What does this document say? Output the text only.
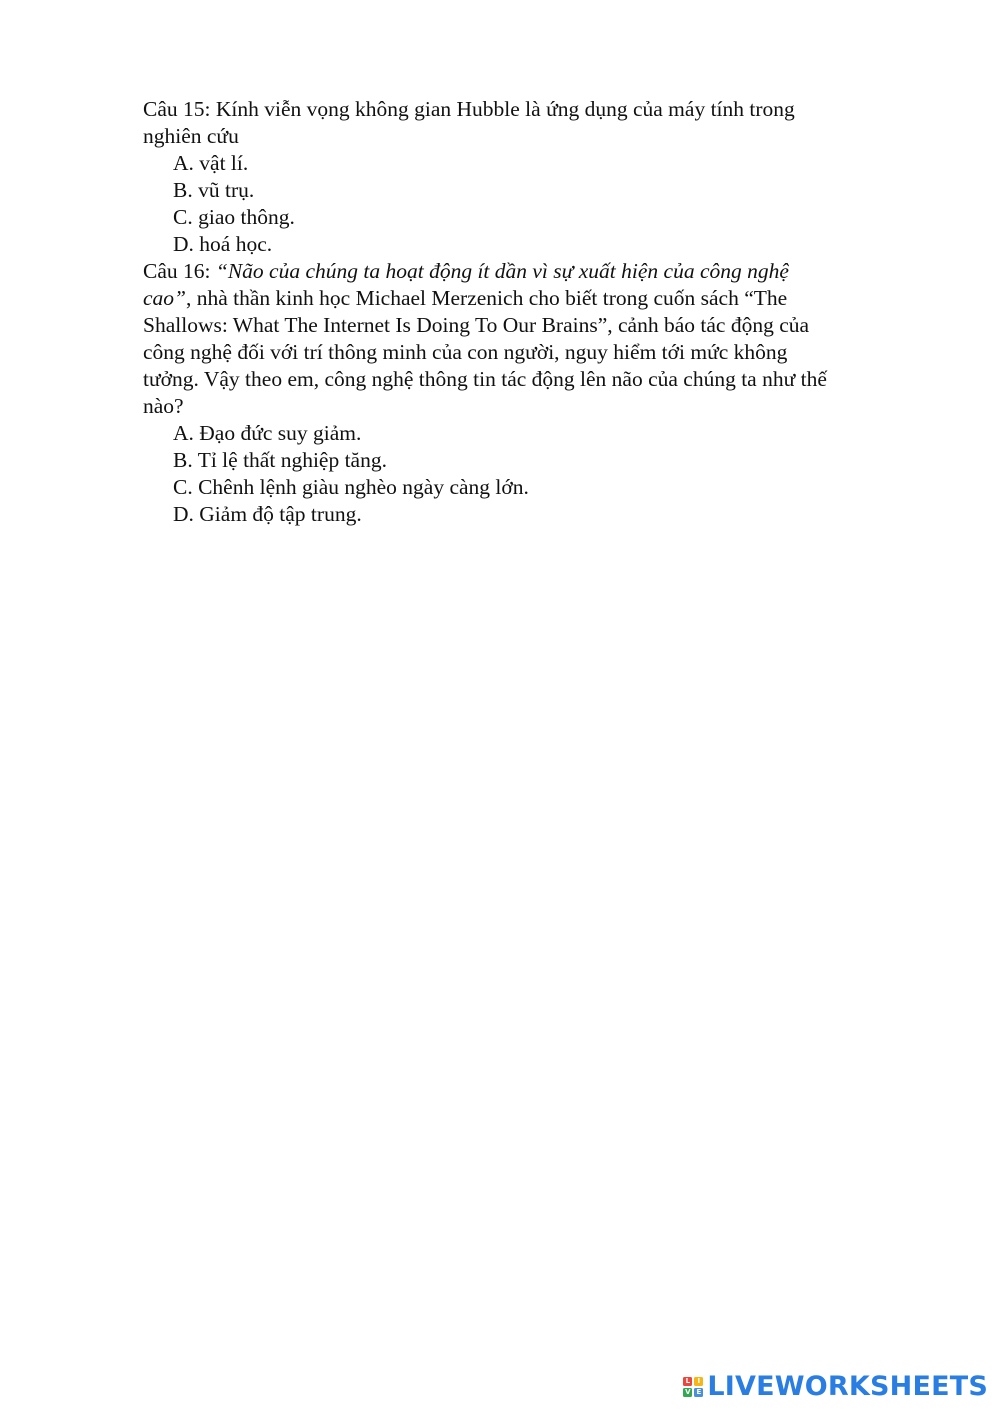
Câu 15: Kính viễn vọng không gian Hubble là ứng dụng của máy tính trong
nghiên cứu
A. vật lí.
B. vũ trụ.
C. giao thông.
D. hoá học.
Câu 16: “Não của chúng ta hoạt động ít dần vì sự xuất hiện của công nghệ
cao”, nhà thần kinh học Michael Merzenich cho biết trong cuốn sách “The
Shallows: What The Internet Is Doing To Our Brains”, cảnh báo tác động của
công nghệ đối với trí thông minh của con người, nguy hiểm tới mức không
tưởng. Vậy theo em, công nghệ thông tin tác động lên não của chúng ta như thế
nào?
A. Đạo đức suy giảm.
B. Tỉ lệ thất nghiệp tăng.
C. Chênh lệnh giàu nghèo ngày càng lớn.
D. Giảm độ tập trung.
L	I
V E LIVEWORKSHEETS
